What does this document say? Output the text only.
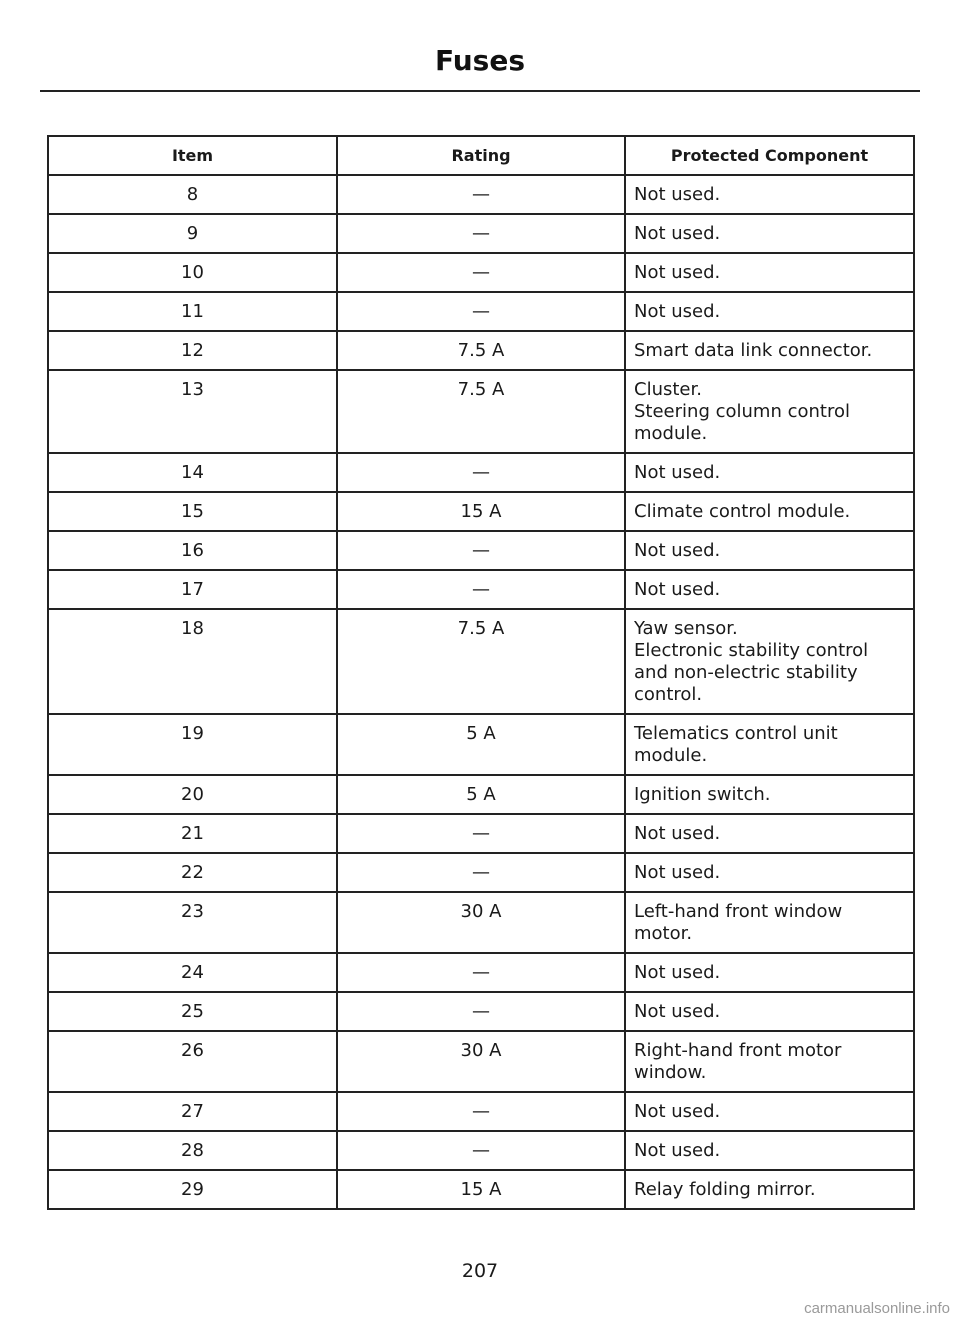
Fuses
Item	Rating	Protected Component
8	—	Not used.

9	—	Not used.

10	—	Not used.

11	—	Not used.

12	7.5 A	Smart data link connector.

13	7.5 A	Cluster.
Steering column control module.

14	—	Not used.

15	15 A	Climate control module.

16	—	Not used.

17	—	Not used.

18	7.5 A	Yaw sensor.
Electronic stability control and non-electric stability control.

19	5 A	Telematics control unit module.

20	5 A	Ignition switch.

21	—	Not used.

22	—	Not used.

23	30 A	Left-hand front window motor.

24	—	Not used.

25	—	Not used.

26	30 A	Right-hand front motor window.

27	—	Not used.

28	—	Not used.

29	15 A	Relay folding mirror.
207
carmanualsonline.info
